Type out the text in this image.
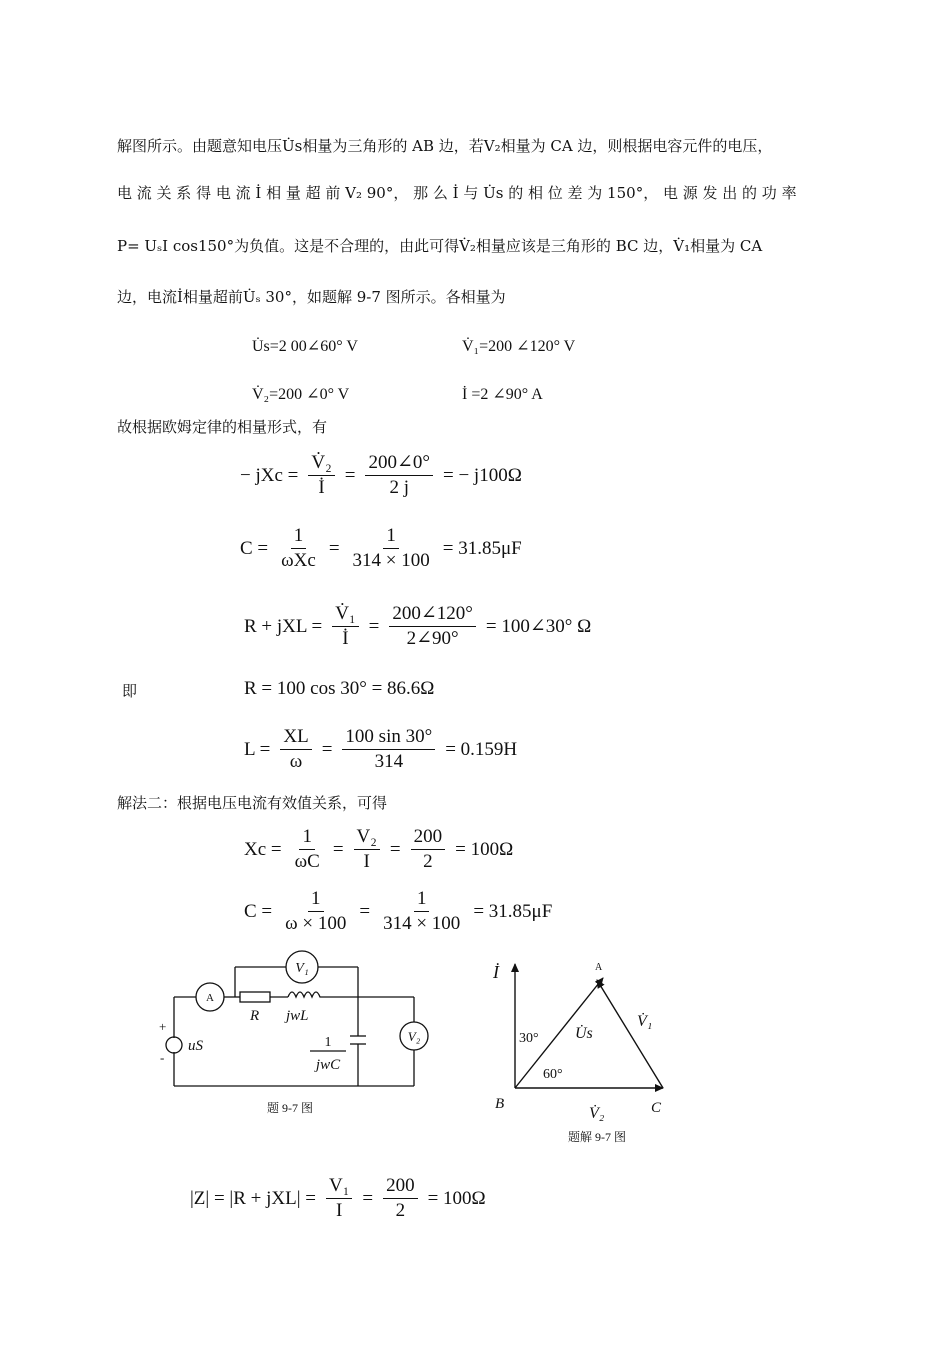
解图所示。由题意知电压U̇s相量为三角形的 AB 边，若V₂相量为 CA 边，则根据电容元件的电压，
电 流 关 系 得 电 流 İ 相 量 超 前 V₂ 90°， 那 么 İ 与 U̇s 的 相 位 差 为 150°， 电 源 发 出 的 功 率
P= UₛI cos150°为负值。这是不合理的，由此可得V̇₂相量应该是三角形的 BC 边，V̇₁相量为 CA
边，电流İ相量超前U̇ₛ 30°，如题解 9-7 图所示。各相量为
U̇s=2 00∠60° V	V̇₁=200 ∠120° V
V̇₂=200 ∠0° V	İ =2 ∠90° A
故根据欧姆定律的相量形式，有
− jXc = $\frac{\text{V̇₂}}{İ} = \frac{200\angle 0^\circ}{2 j}$ = − j100Ω
$C = \frac{1}{\text{ωXc}} = \frac{1}{314 \times 100} = 31.85\mu F$
R + jXL = $\frac{\text{V̇₁}}{İ} = \frac{200\angle 120^\circ}{2\angle 90^\circ}$ = 100∠30° Ω
即	R = 100 cos 30° = 86.6Ω
$L = \frac{XL}{\omega} = \frac{100 \sin 30^\circ}{314} = 0.159H$
解法二：根据电压电流有效值关系，可得
$Xc = \frac{1}{\omega C} = \frac{\text{V₂}}{I} = \frac{200}{2} = 100\Omega$
$C = \frac{1}{\omega \times 100} = \frac{1}{314 \times 100} = 31.85\mu F$
A
V₁
V₂
R jwL
1
jwC
uS
+
-
题 9-7 图
İ	A
B	C
U̇s
V̇₁
V̇₂
30°
60°
题解 9-7 图
$|Z| = |R + jXL| = \frac{\text{V₁}}{I} = \frac{200}{2} = 100\Omega$
